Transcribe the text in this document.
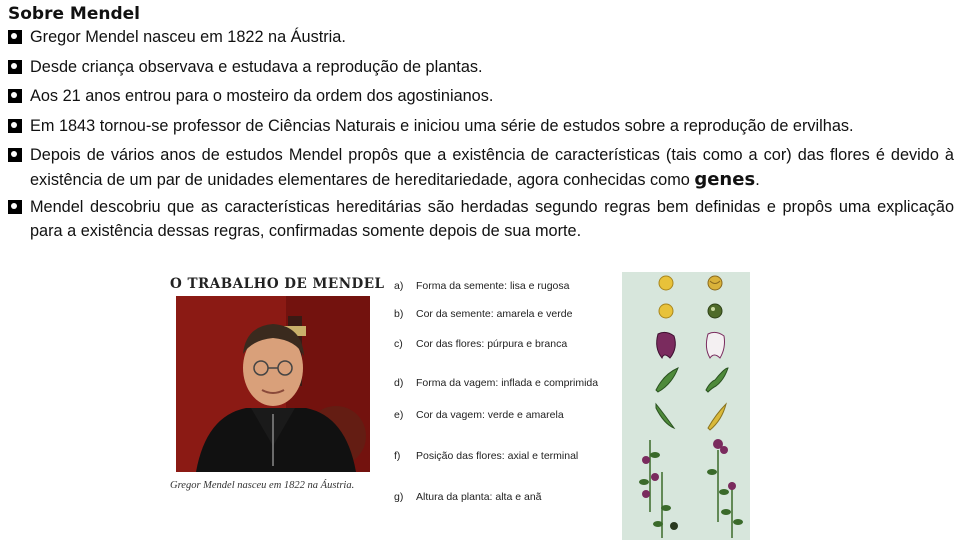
Sobre Mendel
Gregor Mendel nasceu em 1822 na Áustria.
Desde criança observava e estudava a reprodução de plantas.
Aos 21 anos entrou para o mosteiro da ordem dos agostinianos.
Em 1843 tornou-se professor de Ciências Naturais e iniciou uma série de estudos sobre a reprodução de ervilhas.
Depois de vários anos de estudos Mendel propôs que a existência de características (tais como a cor) das flores é devido à existência de um par de unidades elementares de hereditariedade, agora conhecidas como genes.
Mendel descobriu que as características hereditárias são herdadas segundo regras bem definidas e propôs uma explicação para a existência dessas regras, confirmadas somente depois de sua morte.
O TRABALHO DE MENDEL
Gregor Mendel nasceu em 1822 na Áustria.
a) Forma da semente: lisa e rugosa
b) Cor da semente: amarela e verde
c) Cor das flores: púrpura e branca
d) Forma da vagem: inflada e comprimida
e) Cor da vagem: verde e amarela
f) Posição das flores: axial e terminal
g) Altura da planta: alta e anã
